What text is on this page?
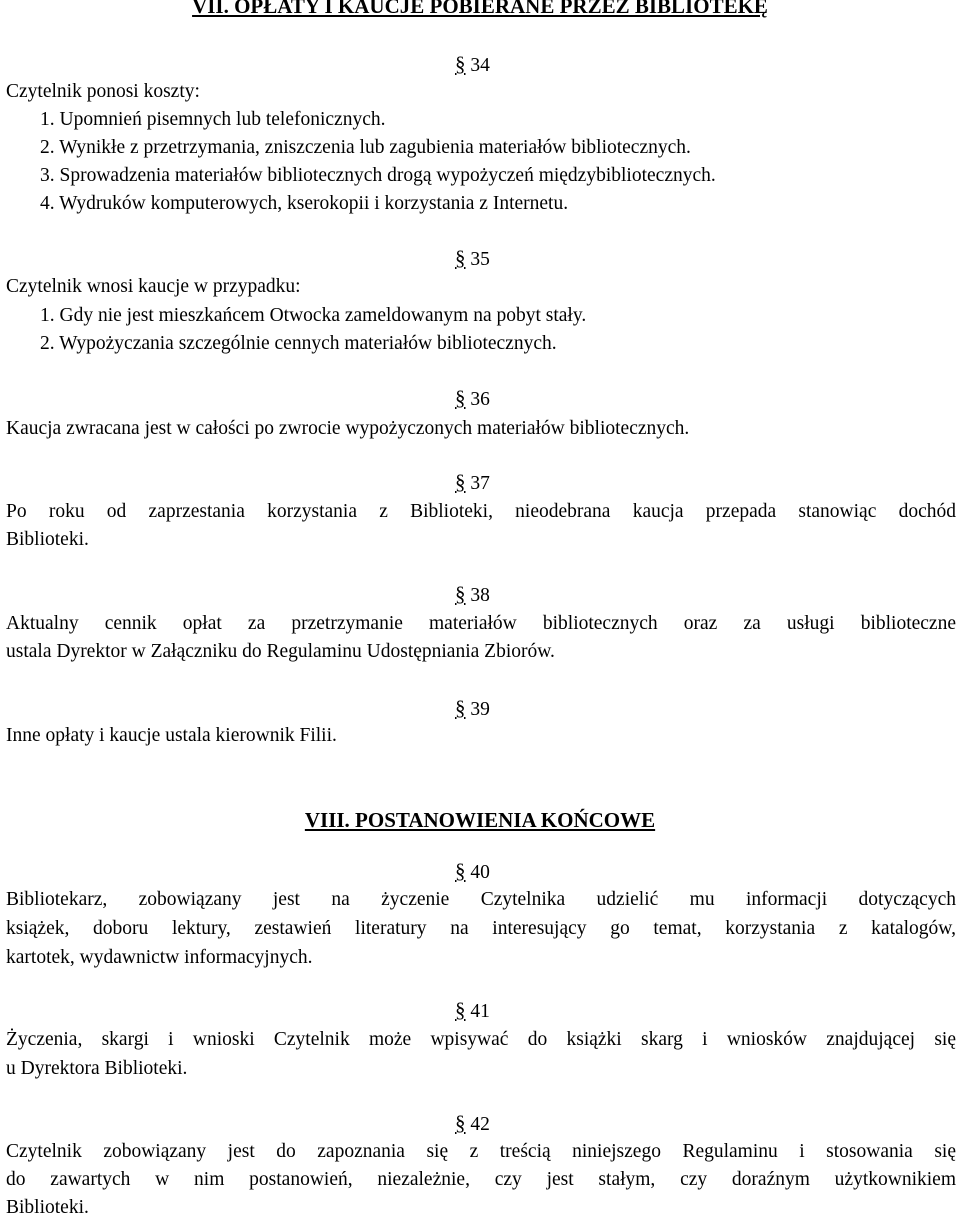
VII. OPŁATY I KAUCJE POBIERANE PRZEZ BIBLIOTEKĘ
§ 34
Czytelnik ponosi koszty:
1. Upomnień pisemnych lub telefonicznych.
2. Wynikłe z przetrzymania, zniszczenia lub zagubienia materiałów bibliotecznych.
3. Sprowadzenia materiałów bibliotecznych drogą wypożyczeń międzybibliotecznych.
4. Wydruków komputerowych, kserokopii i korzystania z Internetu.
§ 35
Czytelnik wnosi kaucje w przypadku:
1. Gdy nie jest mieszkańcem Otwocka zameldowanym na pobyt stały.
2. Wypożyczania szczególnie cennych materiałów bibliotecznych.
§ 36
Kaucja zwracana jest w całości po zwrocie wypożyczonych materiałów bibliotecznych.
§ 37
Po roku od zaprzestania korzystania z Biblioteki, nieodebrana kaucja przepada stanowiąc dochód
Biblioteki.
§ 38
Aktualny cennik opłat za przetrzymanie materiałów bibliotecznych oraz za usługi biblioteczne
ustala Dyrektor w Załączniku do Regulaminu Udostępniania Zbiorów.
§ 39
Inne opłaty i kaucje ustala kierownik Filii.
VIII. POSTANOWIENIA KOŃCOWE
§ 40
Bibliotekarz, zobowiązany jest na życzenie Czytelnika udzielić mu informacji dotyczących
książek, doboru lektury, zestawień literatury na interesujący go temat, korzystania z katalogów,
kartotek, wydawnictw informacyjnych.
§ 41
Życzenia, skargi i wnioski Czytelnik może wpisywać do książki skarg i wniosków znajdującej się
u Dyrektora Biblioteki.
§ 42
Czytelnik zobowiązany jest do zapoznania się z treścią niniejszego Regulaminu i stosowania się
do zawartych w nim postanowień, niezależnie, czy jest stałym, czy doraźnym użytkownikiem
Biblioteki.
